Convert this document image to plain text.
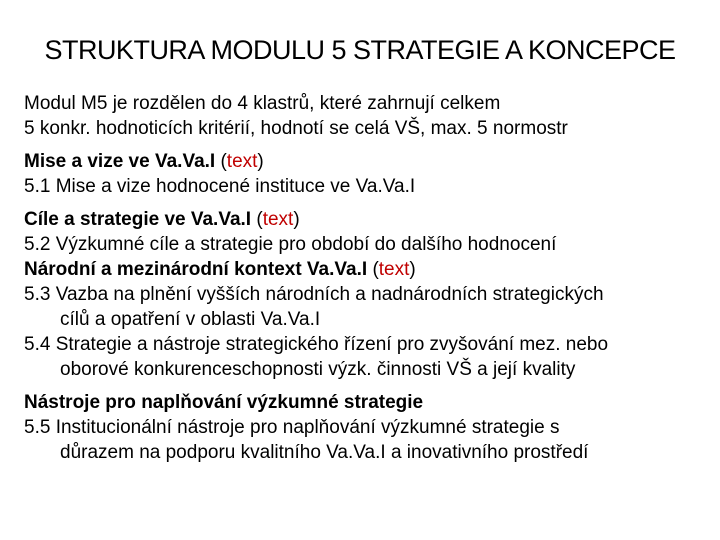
STRUKTURA MODULU 5 STRATEGIE A KONCEPCE
Modul M5 je rozdělen do 4 klastrů, které zahrnují celkem
5 konkr. hodnoticích kritérií, hodnotí se celá VŠ, max. 5 normostr
Mise a vize ve Va.Va.I (text)
5.1 Mise a vize hodnocené instituce ve Va.Va.I
Cíle a strategie ve Va.Va.I (text)
5.2 Výzkumné cíle a strategie pro období do dalšího hodnocení
Národní a mezinárodní kontext Va.Va.I (text)
5.3 Vazba na plnění vyšších národních a nadnárodních strategických
cílů a opatření v oblasti Va.Va.I
5.4 Strategie a nástroje strategického řízení pro zvyšování mez. nebo
oborové konkurenceschopnosti výzk. činnosti VŠ a její kvality
Nástroje pro naplňování výzkumné strategie
5.5 Institucionální nástroje pro naplňování výzkumné strategie s
důrazem na podporu kvalitního Va.Va.I a inovativního prostředí
